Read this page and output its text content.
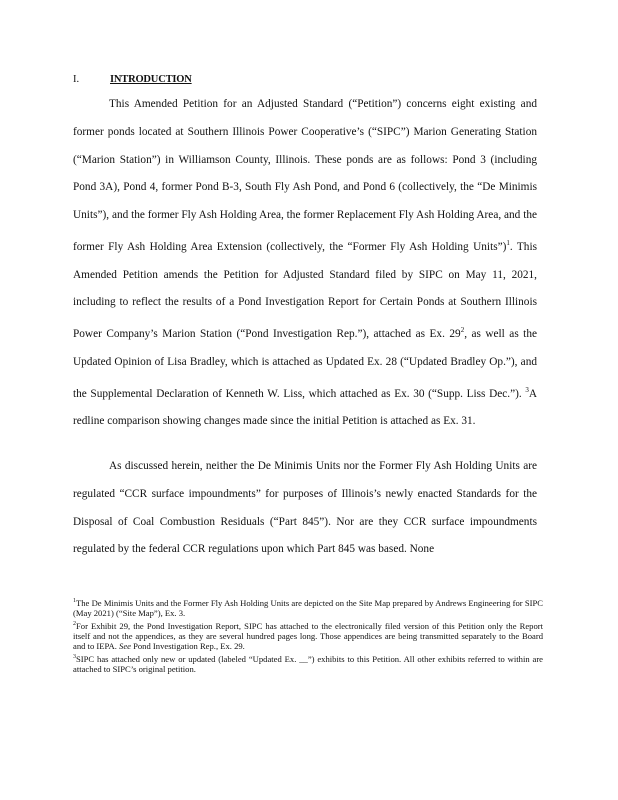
I.	INTRODUCTION

This Amended Petition for an Adjusted Standard (“Petition”) concerns eight existing and former ponds located at Southern Illinois Power Cooperative’s (“SIPC”) Marion Generating Station (“Marion Station”) in Williamson County, Illinois. These ponds are as follows: Pond 3 (including Pond 3A), Pond 4, former Pond B-3, South Fly Ash Pond, and Pond 6 (collectively, the “De Minimis Units”), and the former Fly Ash Holding Area, the former Replacement Fly Ash Holding Area, and the former Fly Ash Holding Area Extension (collectively, the “Former Fly Ash Holding Units”)$^1$. This Amended Petition amends the Petition for Adjusted Standard filed by SIPC on May 11, 2021, including to reflect the results of a Pond Investigation Report for Certain Ponds at Southern Illinois Power Company’s Marion Station (“Pond Investigation Rep.”), attached as Ex. $29^2$, as well as the Updated Opinion of Lisa Bradley, which is attached as Updated Ex. 28 (“Updated Bradley Op.”), and the Supplemental Declaration of Kenneth W. Liss, which attached as Ex. 30 (“Supp. Liss Dec.”). $^3$A redline comparison showing changes made since the initial Petition is attached as Ex. 31.

As discussed herein, neither the De Minimis Units nor the Former Fly Ash Holding Units are regulated “CCR surface impoundments” for purposes of Illinois’s newly enacted Standards for the Disposal of Coal Combustion Residuals (“Part 845”). Nor are they CCR surface impoundments regulated by the federal CCR regulations upon which Part 845 was based. None

$^1$The De Minimis Units and the Former Fly Ash Holding Units are depicted on the Site Map prepared by Andrews Engineering for SIPC (May 2021) (“Site Map”), Ex. 3.

$^2$For Exhibit 29, the Pond Investigation Report, SIPC has attached to the electronically filed version of this Petition only the Report itself and not the appendices, as they are several hundred pages long. Those appendices are being transmitted separately to the Board and to IEPA. See Pond Investigation Rep., Ex. 29.

$^3$SIPC has attached only new or updated (labeled “Updated Ex. __”) exhibits to this Petition. All other exhibits referred to within are attached to SIPC’s original petition.
